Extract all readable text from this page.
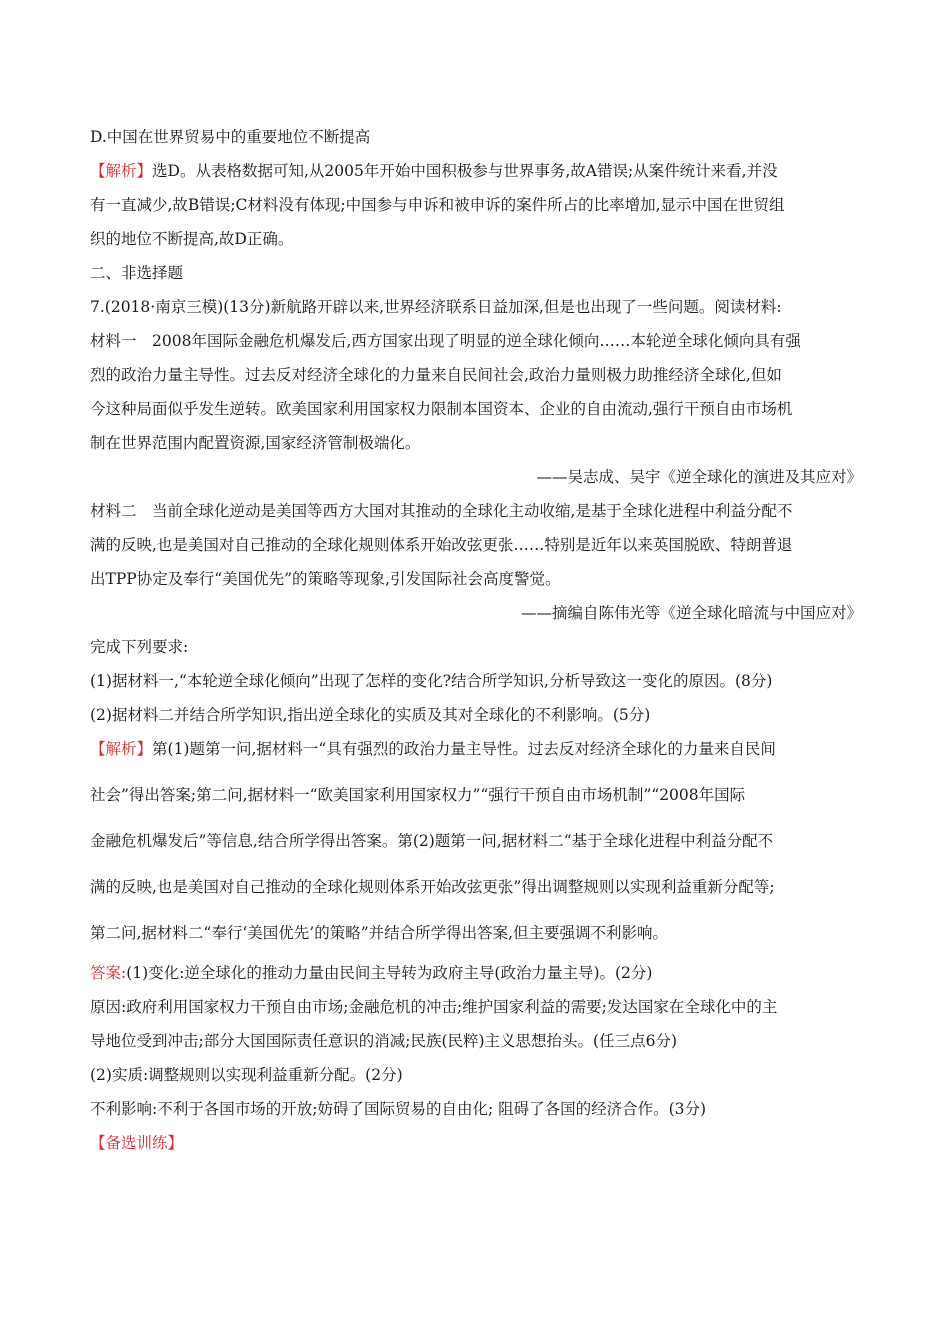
D.中国在世界贸易中的重要地位不断提高
【解析】选D。从表格数据可知,从2005年开始中国积极参与世界事务,故A错误;从案件统计来看,并没
有一直减少,故B错误;C材料没有体现;中国参与申诉和被申诉的案件所占的比率增加,显示中国在世贸组
织的地位不断提高,故D正确。
二、非选择题
7.(2018·南京三模)(13分)新航路开辟以来,世界经济联系日益加深,但是也出现了一些问题。阅读材料:
材料一　2008年国际金融危机爆发后,西方国家出现了明显的逆全球化倾向……本轮逆全球化倾向具有强
烈的政治力量主导性。过去反对经济全球化的力量来自民间社会,政治力量则极力助推经济全球化,但如
今这种局面似乎发生逆转。欧美国家利用国家权力限制本国资本、企业的自由流动,强行干预自由市场机
制在世界范围内配置资源,国家经济管制极端化。
——吴志成、吴宇《逆全球化的演进及其应对》
材料二　当前全球化逆动是美国等西方大国对其推动的全球化主动收缩,是基于全球化进程中利益分配不
满的反映,也是美国对自己推动的全球化规则体系开始改弦更张……特别是近年以来英国脱欧、特朗普退
出TPP协定及奉行“美国优先”的策略等现象,引发国际社会高度警觉。
——摘编自陈伟光等《逆全球化暗流与中国应对》
完成下列要求:
(1)据材料一,“本轮逆全球化倾向”出现了怎样的变化?结合所学知识,分析导致这一变化的原因。(8分)
(2)据材料二并结合所学知识,指出逆全球化的实质及其对全球化的不利影响。(5分)
【解析】第(1)题第一问,据材料一“具有强烈的政治力量主导性。过去反对经济全球化的力量来自民间
社会”得出答案;第二问,据材料一“欧美国家利用国家权力”“强行干预自由市场机制”“2008年国际
金融危机爆发后”等信息,结合所学得出答案。第(2)题第一问,据材料二“基于全球化进程中利益分配不
满的反映,也是美国对自己推动的全球化规则体系开始改弦更张”得出调整规则以实现利益重新分配等;
第二问,据材料二“奉行‘美国优先’的策略”并结合所学得出答案,但主要强调不利影响。
答案:(1)变化:逆全球化的推动力量由民间主导转为政府主导(政治力量主导)。(2分)
原因:政府利用国家权力干预自由市场;金融危机的冲击;维护国家利益的需要;发达国家在全球化中的主
导地位受到冲击;部分大国国际责任意识的消减;民族(民粹)主义思想抬头。(任三点6分)
(2)实质:调整规则以实现利益重新分配。(2分)
不利影响:不利于各国市场的开放;妨碍了国际贸易的自由化; 阻碍了各国的经济合作。(3分)
【备选训练】
